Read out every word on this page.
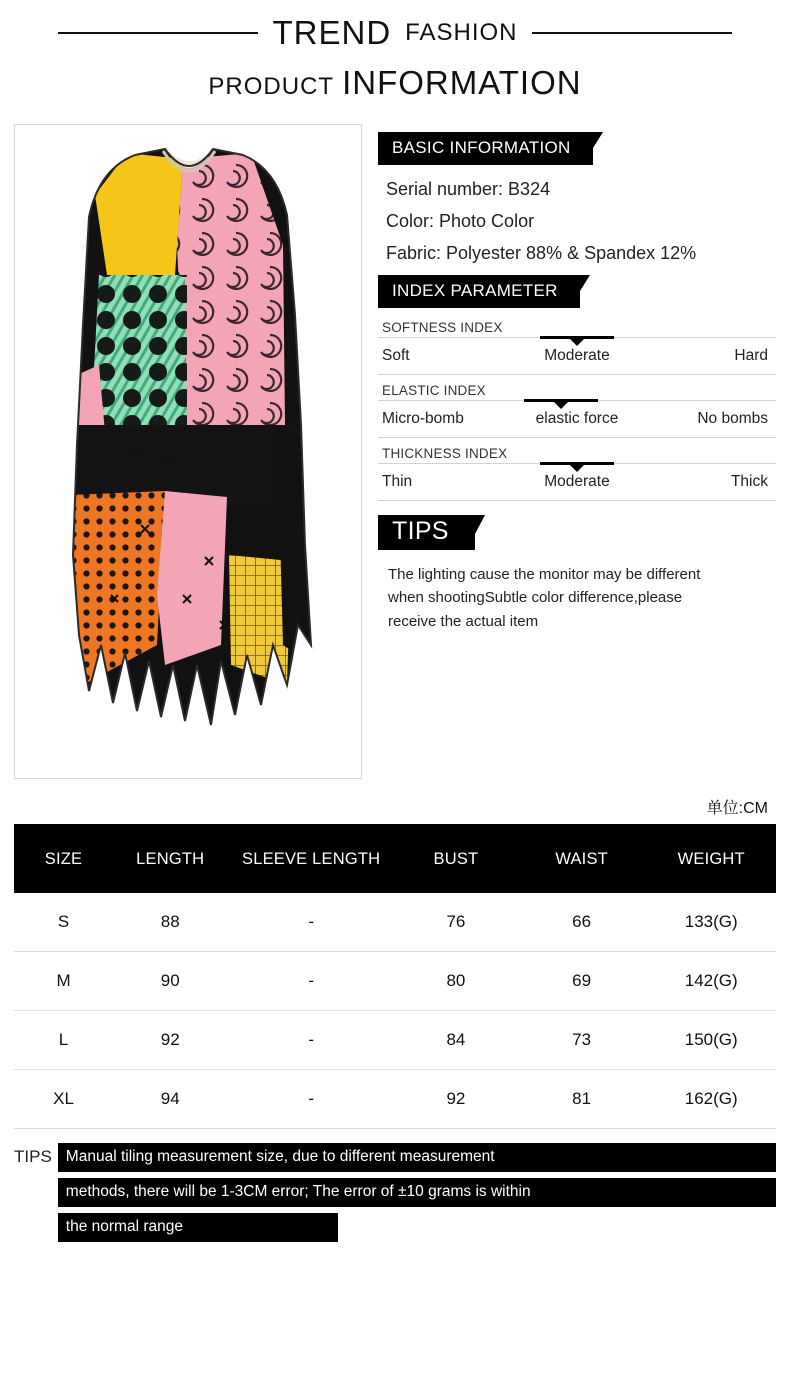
TREND FASHION
PRODUCT INFORMATION
BASIC INFORMATION
Serial number: B324
Color: Photo Color
Fabric: Polyester 88% & Spandex 12%
INDEX PARAMETER
SOFTNESS INDEX
Soft	Moderate	Hard
ELASTIC INDEX
Micro-bomb	elastic force	No bombs
THICKNESS INDEX
Thin	Moderate	Thick
TIPS
The lighting cause the monitor may be different
when shootingSubtle color difference,please
receive the actual item
单位:CM
SIZE	LENGTH	SLEEVE LENGTH	BUST	WAIST	WEIGHT
S	88	-	76	66	133(G)
M	90	-	80	69	142(G)
L	92	-	84	73	150(G)
XL	94	-	92	81	162(G)
TIPS Manual tiling measurement size, due to different measurement
methods, there will be 1-3CM error; The error of ±10 grams is within
the normal range
